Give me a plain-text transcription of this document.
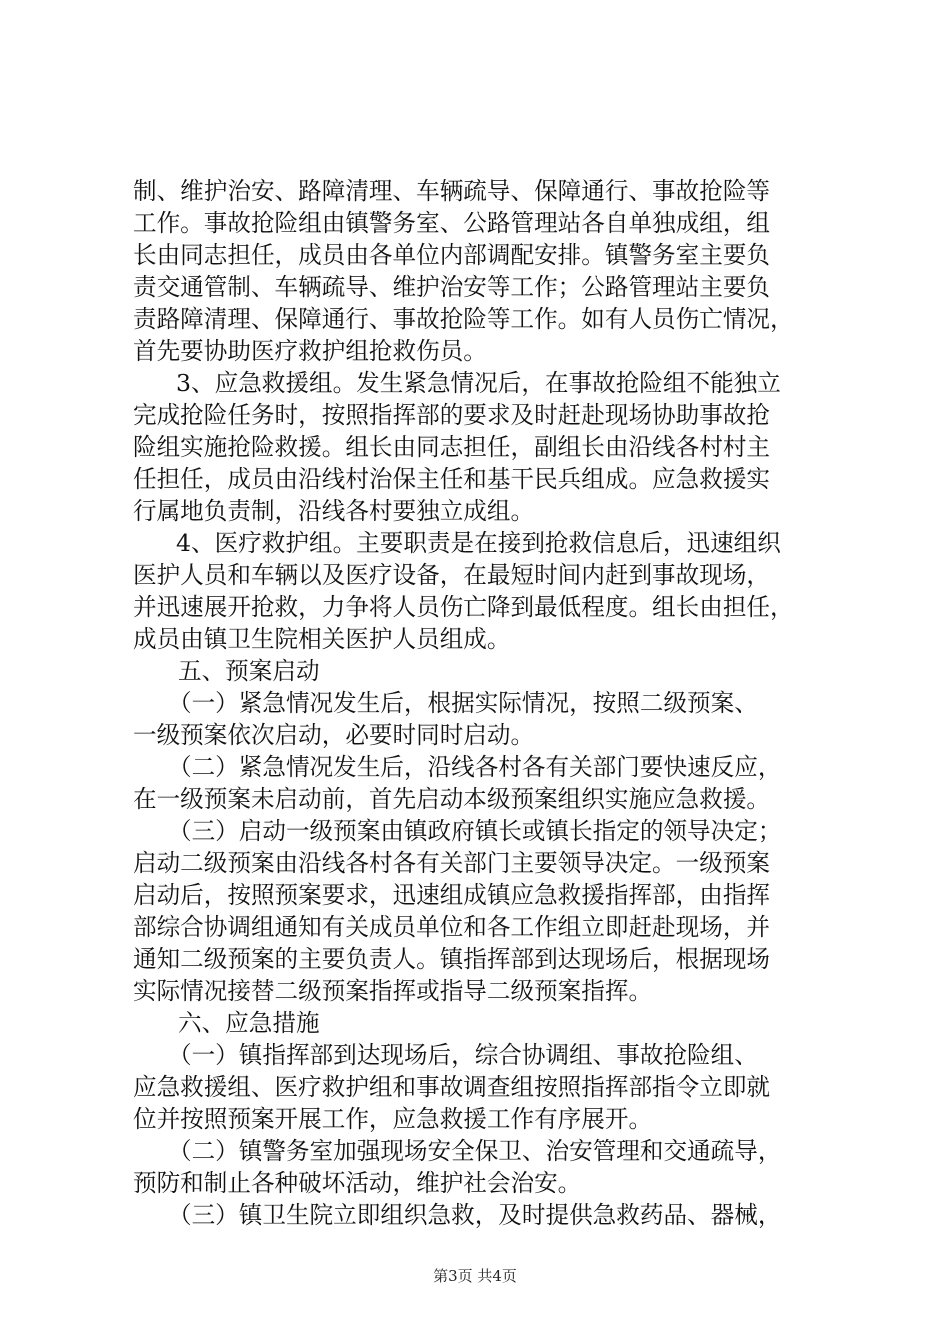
制、维护治安、路障清理、车辆疏导、保障通行、事故抢险等
工作。事故抢险组由镇警务室、公路管理站各自单独成组，组
长由同志担任，成员由各单位内部调配安排。镇警务室主要负
责交通管制、车辆疏导、维护治安等工作；公路管理站主要负
责路障清理、保障通行、事故抢险等工作。如有人员伤亡情况，
首先要协助医疗救护组抢救伤员。
3、应急救援组。发生紧急情况后，在事故抢险组不能独立
完成抢险任务时，按照指挥部的要求及时赶赴现场协助事故抢
险组实施抢险救援。组长由同志担任，副组长由沿线各村村主
任担任，成员由沿线村治保主任和基干民兵组成。应急救援实
行属地负责制，沿线各村要独立成组。
4、医疗救护组。主要职责是在接到抢救信息后，迅速组织
医护人员和车辆以及医疗设备，在最短时间内赶到事故现场，
并迅速展开抢救，力争将人员伤亡降到最低程度。组长由担任，
成员由镇卫生院相关医护人员组成。
五、预案启动
（一）紧急情况发生后，根据实际情况，按照二级预案、
一级预案依次启动，必要时同时启动。
（二）紧急情况发生后，沿线各村各有关部门要快速反应，
在一级预案未启动前，首先启动本级预案组织实施应急救援。
（三）启动一级预案由镇政府镇长或镇长指定的领导决定；
启动二级预案由沿线各村各有关部门主要领导决定。一级预案
启动后，按照预案要求，迅速组成镇应急救援指挥部，由指挥
部综合协调组通知有关成员单位和各工作组立即赶赴现场，并
通知二级预案的主要负责人。镇指挥部到达现场后，根据现场
实际情况接替二级预案指挥或指导二级预案指挥。
六、应急措施
（一）镇指挥部到达现场后，综合协调组、事故抢险组、
应急救援组、医疗救护组和事故调查组按照指挥部指令立即就
位并按照预案开展工作，应急救援工作有序展开。
（二）镇警务室加强现场安全保卫、治安管理和交通疏导，
预防和制止各种破坏活动，维护社会治安。
（三）镇卫生院立即组织急救，及时提供急救药品、器械，
第3页 共4页
